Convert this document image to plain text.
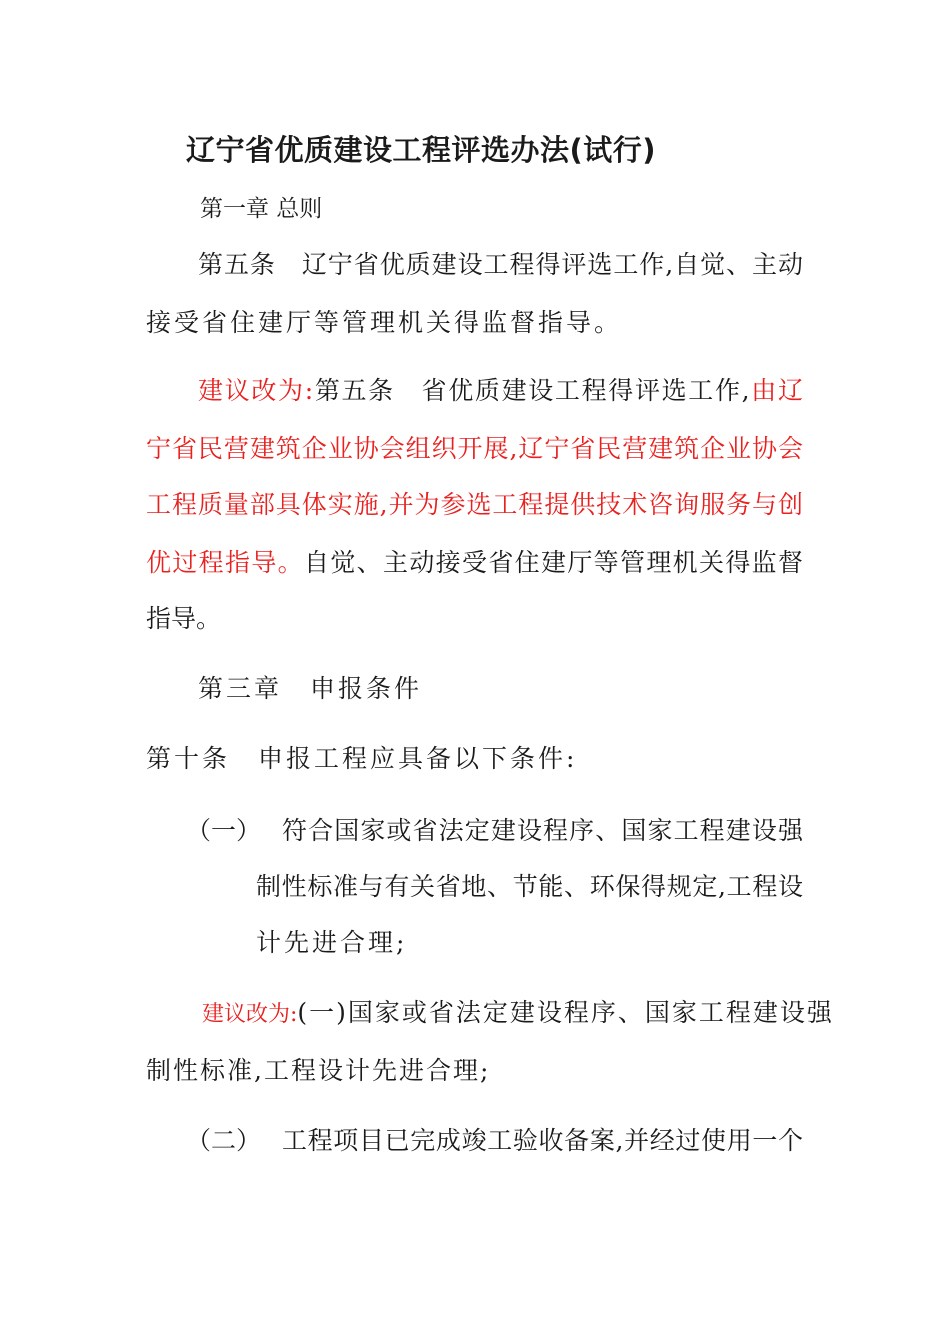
辽宁省优质建设工程评选办法(试行)
第一章 总则
第五条　辽宁省优质建设工程得评选工作,自觉、主动
接受省住建厅等管理机关得监督指导。
建议改为:第五条　省优质建设工程得评选工作,由辽
宁省民营建筑企业协会组织开展,辽宁省民营建筑企业协会
工程质量部具体实施,并为参选工程提供技术咨询服务与创
优过程指导。自觉、主动接受省住建厅等管理机关得监督
指导。
第三章　申报条件
第十条　申报工程应具备以下条件:
（一） 符合国家或省法定建设程序、国家工程建设强
制性标准与有关省地、节能、环保得规定,工程设
计先进合理;
建议改为:(一)国家或省法定建设程序、国家工程建设强
制性标准,工程设计先进合理;
（二） 工程项目已完成竣工验收备案,并经过使用一个
